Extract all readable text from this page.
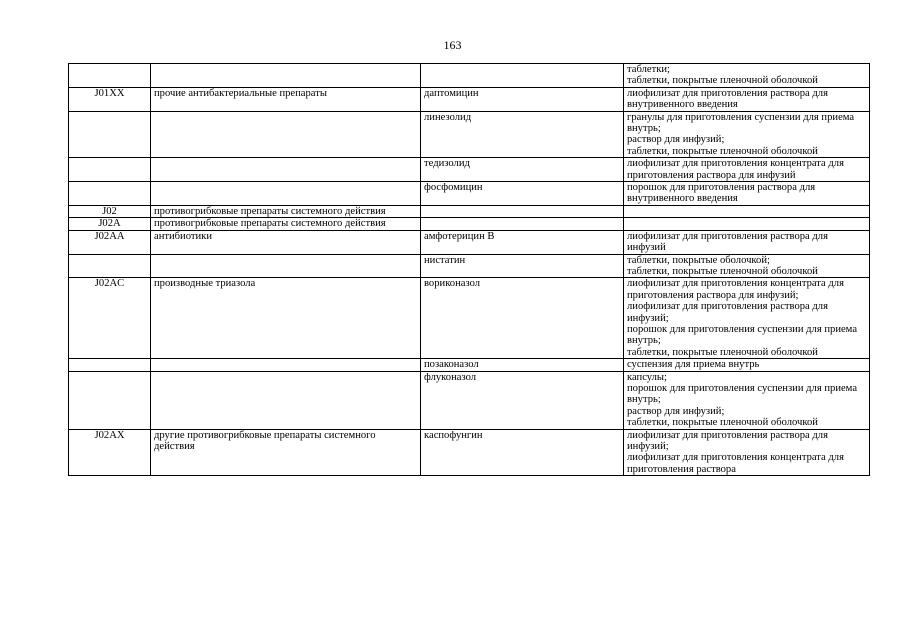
163
			таблетки;
таблетки, покрытые пленочной оболочкой
J01XX	прочие антибактериальные препараты	даптомицин	лиофилизат для приготовления раствора для внутривенного введения
		линезолид	гранулы для приготовления суспензии для приема внутрь;
раствор для инфузий;
таблетки, покрытые пленочной оболочкой
		тедизолид	лиофилизат для приготовления концентрата для приготовления раствора для инфузий
		фосфомицин	порошок для приготовления раствора для внутривенного введения
J02	противогрибковые препараты системного действия		
J02A	противогрибковые препараты системного действия		
J02AA	антибиотики	амфотерицин B	лиофилизат для приготовления раствора для инфузий
		нистатин	таблетки, покрытые оболочкой;
таблетки, покрытые пленочной оболочкой
J02AC	производные триазола	вориконазол	лиофилизат для приготовления концентрата для приготовления раствора для инфузий;
лиофилизат для приготовления раствора для инфузий;
порошок для приготовления суспензии для приема внутрь;
таблетки, покрытые пленочной оболочкой
		позаконазол	суспензия для приема внутрь
		флуконазол	капсулы;
порошок для приготовления суспензии для приема внутрь;
раствор для инфузий;
таблетки, покрытые пленочной оболочкой
J02AX	другие противогрибковые препараты системного действия	каспофунгин	лиофилизат для приготовления раствора для инфузий;
лиофилизат для приготовления концентрата для приготовления раствора
